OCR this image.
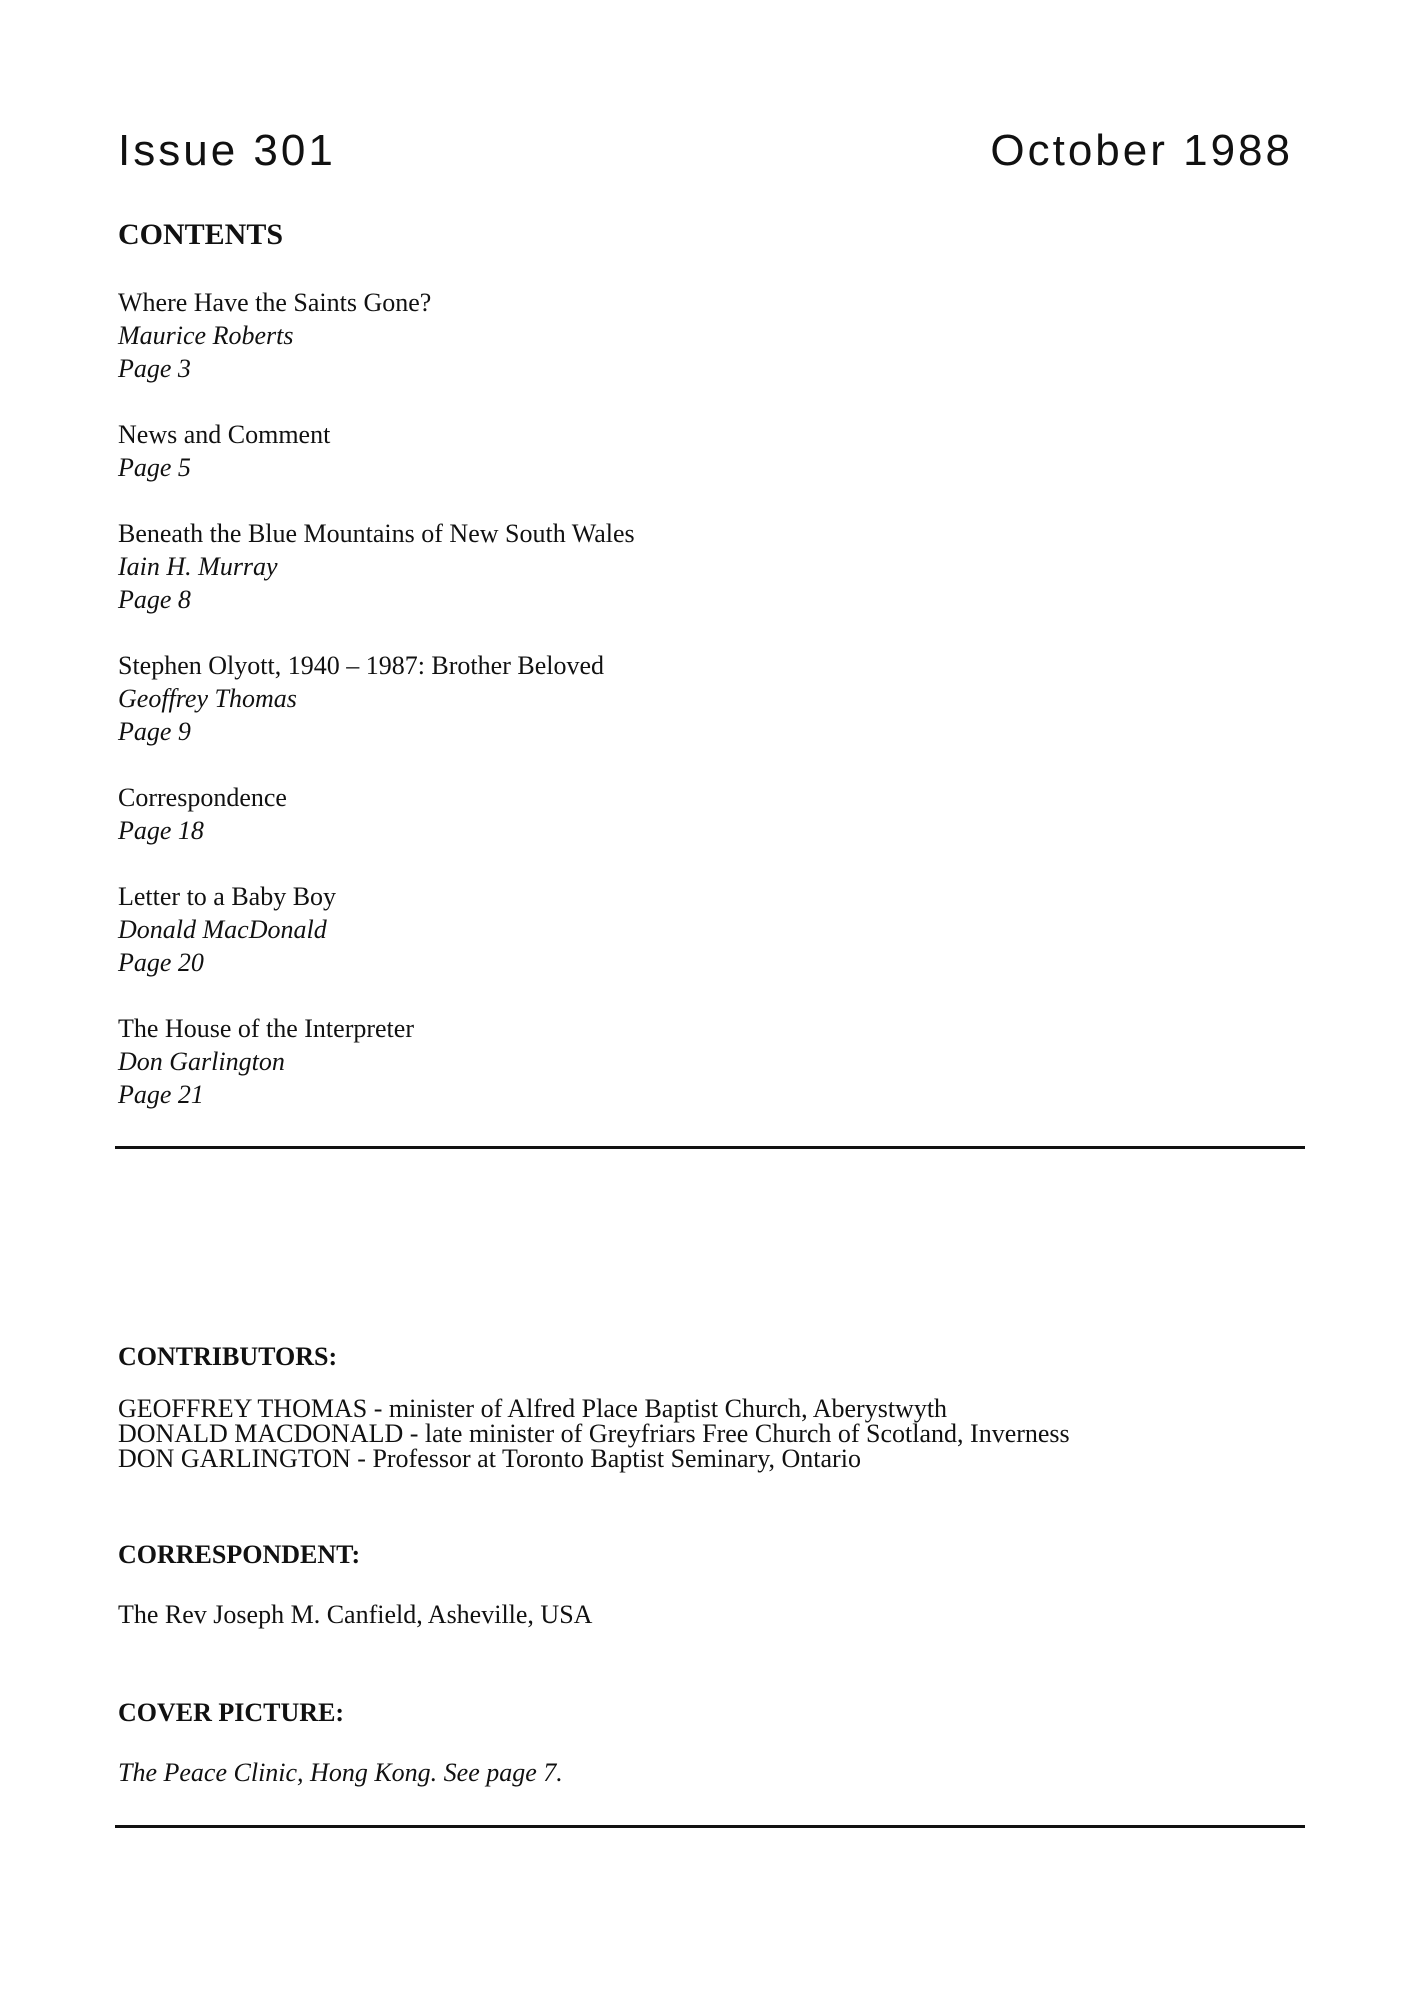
Issue 301	October 1988
CONTENTS
Where Have the Saints Gone?
Maurice Roberts
Page 3
News and Comment
Page 5
Beneath the Blue Mountains of New South Wales
Iain H. Murray
Page 8
Stephen Olyott, 1940 – 1987: Brother Beloved
Geoffrey Thomas
Page 9
Correspondence
Page 18
Letter to a Baby Boy
Donald MacDonald
Page 20
The House of the Interpreter
Don Garlington
Page 21
CONTRIBUTORS:
GEOFFREY THOMAS - minister of Alfred Place Baptist Church, Aberystwyth
DONALD MACDONALD - late minister of Greyfriars Free Church of Scotland, Inverness
DON GARLINGTON - Professor at Toronto Baptist Seminary, Ontario
CORRESPONDENT:
The Rev Joseph M. Canfield, Asheville, USA
COVER PICTURE:
The Peace Clinic, Hong Kong. See page 7.
